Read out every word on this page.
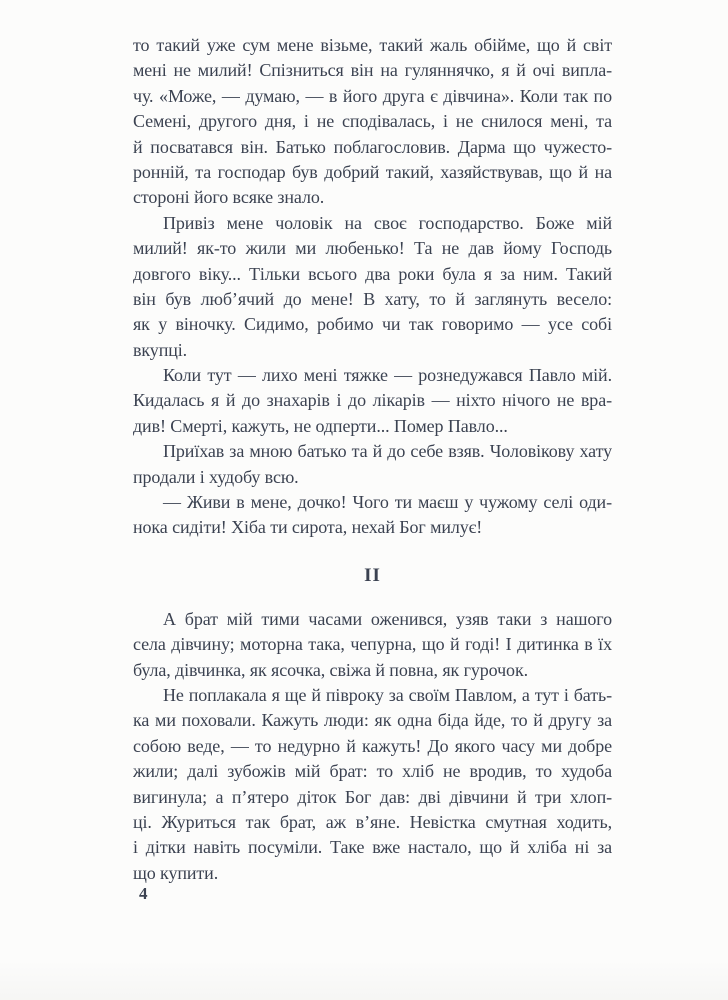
то такий уже сум мене візьме, такий жаль обійме, що й світ
мені не милий! Спізниться він на гуляннячко, я й очі випла-
чу. «Може, — думаю, — в його друга є дівчина». Коли так по
Семені, другого дня, і не сподівалась, і не снилося мені, та
й посватався він. Батько поблагословив. Дарма що чужесто-
ронній, та господар був добрий такий, хазяйствував, що й на
стороні його всяке знало.
Привіз мене чоловік на своє господарство. Боже мій
милий! як-то жили ми любенько! Та не дав йому Господь
довгого віку... Тільки всього два роки була я за ним. Такий
він був люб’ячий до мене! В хату, то й заглянуть весело:
як у віночку. Сидимо, робимо чи так говоримо — усе собі
вкупці.
Коли тут — лихо мені тяжке — рознедужався Павло мій.
Кидалась я й до знахарів і до лікарів — ніхто нічого не вра-
див! Смерті, кажуть, не одперти... Помер Павло...
Приїхав за мною батько та й до себе взяв. Чоловікову хату
продали і худобу всю.
— Живи в мене, дочко! Чого ти маєш у чужому селі оди-
нока сидіти! Хіба ти сирота, нехай Бог милує!
II
А брат мій тими часами оженився, узяв таки з нашого
села дівчину; моторна така, чепурна, що й годі! І дитинка в їх
була, дівчинка, як ясочка, свіжа й повна, як гурочок.
Не поплакала я ще й півроку за своїм Павлом, а тут і бать-
ка ми поховали. Кажуть люди: як одна біда йде, то й другу за
собою веде, — то недурно й кажуть! До якого часу ми добре
жили; далі зубожів мій брат: то хліб не вродив, то худоба
вигинула; а п’ятеро діток Бог дав: дві дівчини й три хлоп-
ці. Журиться так брат, аж в’яне. Невістка смутная ходить,
і дітки навіть посуміли. Таке вже настало, що й хліба ні за
що купити.
4
